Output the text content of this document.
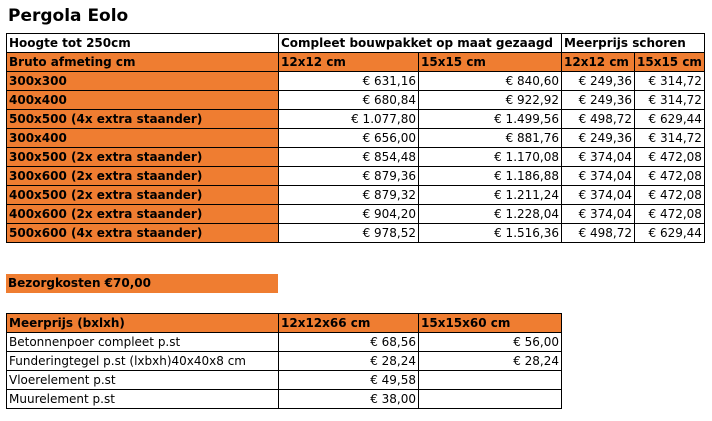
Pergola Eolo
Hoogte tot 250cm	Compleet bouwpakket op maat gezaagd		Meerprijs schoren	
Bruto afmeting cm	12x12 cm	15x15 cm	12x12 cm	15x15 cm
300x300	€ 631,16	€ 840,60	€ 249,36	€ 314,72
400x400	€ 680,84	€ 922,92	€ 249,36	€ 314,72
500x500 (4x extra staander)	€ 1.077,80	€ 1.499,56	€ 498,72	€ 629,44
300x400	€ 656,00	€ 881,76	€ 249,36	€ 314,72
300x500 (2x extra staander)	€ 854,48	€ 1.170,08	€ 374,04	€ 472,08
300x600 (2x extra staander)	€ 879,36	€ 1.186,88	€ 374,04	€ 472,08
400x500 (2x extra staander)	€ 879,32	€ 1.211,24	€ 374,04	€ 472,08
400x600 (2x extra staander)	€ 904,20	€ 1.228,04	€ 374,04	€ 472,08
500x600 (4x extra staander)	€ 978,52	€ 1.516,36	€ 498,72	€ 629,44
Bezorgkosten €70,00
Meerprijs (bxlxh)	12x12x66 cm	15x15x60 cm
Betonnenpoer compleet p.st	€ 68,56	€ 56,00
Funderingtegel p.st (lxbxh)40x40x8 cm	€ 28,24	€ 28,24
Vloerelement p.st	€ 49,58	
Muurelement p.st	€ 38,00	
